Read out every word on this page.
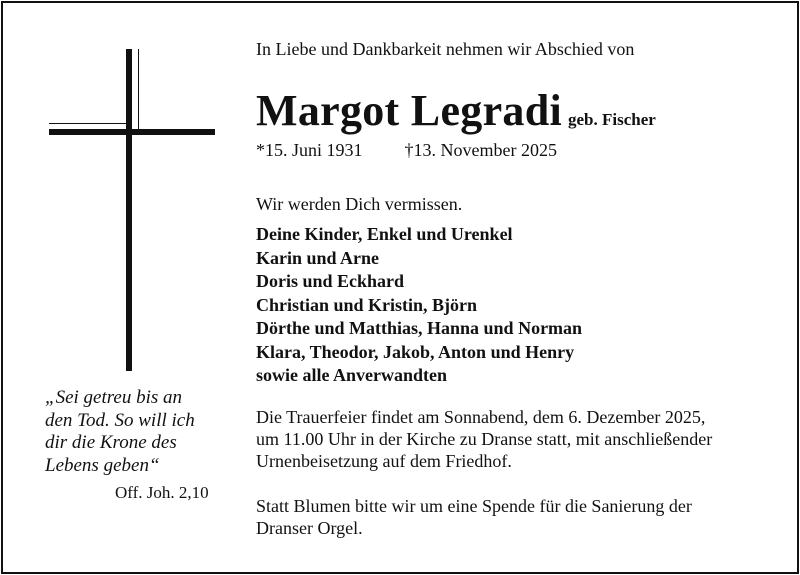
„Sei getreu bis an
den Tod. So will ich
dir die Krone des
Lebens geben“
Off. Joh. 2,10
In Liebe und Dankbarkeit nehmen wir Abschied von
Margot Legradi geb. Fischer
*15. Juni 1931 †13. November 2025
Wir werden Dich vermissen.
Deine Kinder, Enkel und Urenkel
Karin und Arne
Doris und Eckhard
Christian und Kristin, Björn
Dörthe und Matthias, Hanna und Norman
Klara, Theodor, Jakob, Anton und Henry
sowie alle Anverwandten
Die Trauerfeier findet am Sonnabend, dem 6. Dezember 2025,
um 11.00 Uhr in der Kirche zu Dranse statt, mit anschließender
Urnenbeisetzung auf dem Friedhof.
Statt Blumen bitte wir um eine Spende für die Sanierung der
Dranser Orgel.
